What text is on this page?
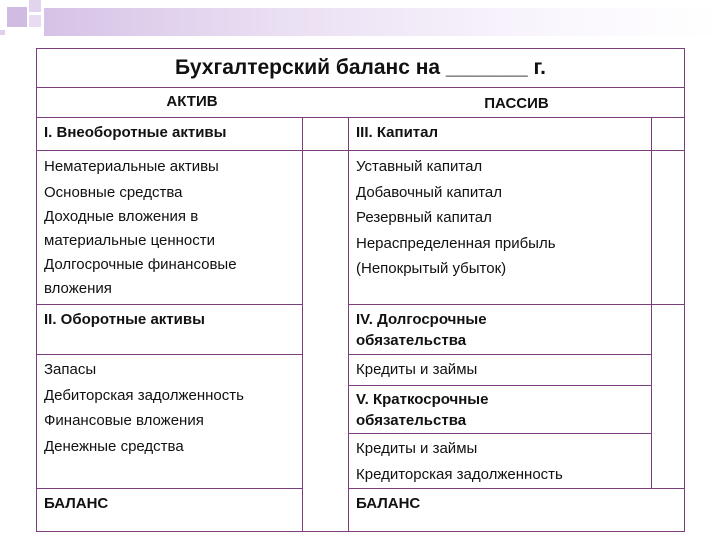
Бухгалтерский баланс на _______ г.
АКТИВ	ПАССИВ
I. Внеоборотные активы
Нематериальные активы
Основные средства
Доходные вложения в
материальные ценности
Долгосрочные финансовые
вложения
II. Оборотные активы
Запасы
Дебиторская задолженность
Финансовые вложения
Денежные средства
БАЛАНС
III. Капитал
Уставный капитал
Добавочный капитал
Резервный капитал
Нераспределенная прибыль
(Непокрытый убыток)
IV. Долгосрочные обязательства
Кредиты и займы
V. Краткосрочные обязательства
Кредиты и займы
Кредиторская задолженность
БАЛАНС
